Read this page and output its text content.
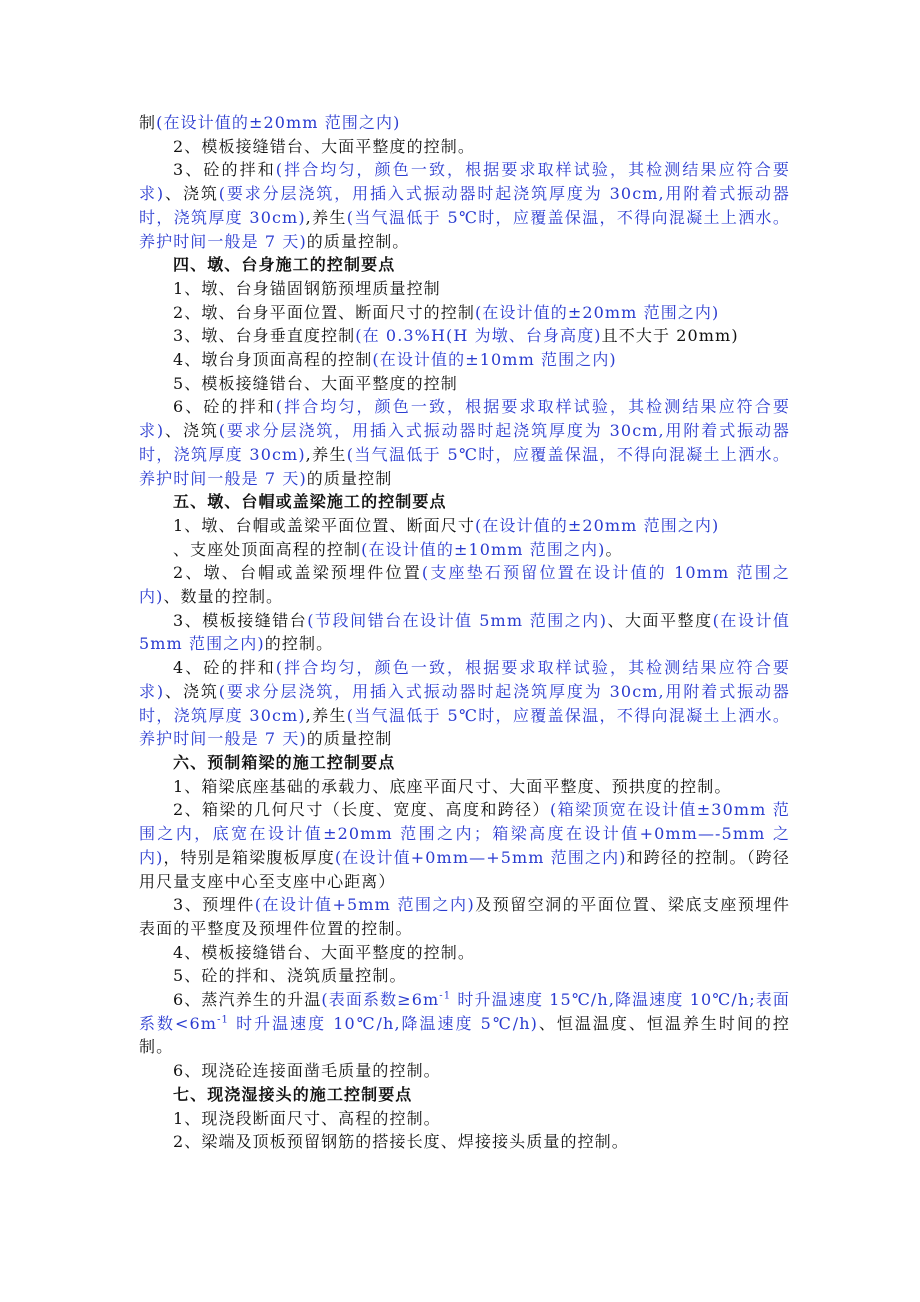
制(在设计值的±20mm 范围之内)

2、模板接缝错台、大面平整度的控制。

3、砼的拌和(拌合均匀，颜色一致，根据要求取样试验，其检测结果应符合要求)、浇筑(要求分层浇筑，用插入式振动器时起浇筑厚度为 30cm,用附着式振动器时，浇筑厚度 30cm),养生(当气温低于 5℃时，应覆盖保温，不得向混凝土上洒水。养护时间一般是 7 天)的质量控制。

四、墩、台身施工的控制要点

1、墩、台身锚固钢筋预埋质量控制

2、墩、台身平面位置、断面尺寸的控制(在设计值的±20mm 范围之内)

3、墩、台身垂直度控制(在 0.3%H(H 为墩、台身高度)且不大于 20mm)

4、墩台身顶面高程的控制(在设计值的±10mm 范围之内)

5、模板接缝错台、大面平整度的控制

6、砼的拌和(拌合均匀，颜色一致，根据要求取样试验，其检测结果应符合要求)、浇筑(要求分层浇筑，用插入式振动器时起浇筑厚度为 30cm,用附着式振动器时，浇筑厚度 30cm),养生(当气温低于 5℃时，应覆盖保温，不得向混凝土上洒水。养护时间一般是 7 天)的质量控制

五、墩、台帽或盖梁施工的控制要点

1、墩、台帽或盖梁平面位置、断面尺寸(在设计值的±20mm 范围之内)

、支座处顶面高程的控制(在设计值的±10mm 范围之内)。

2、墩、台帽或盖梁预埋件位置(支座垫石预留位置在设计值的 10mm 范围之内)、数量的控制。

3、模板接缝错台(节段间错台在设计值 5mm 范围之内)、大面平整度(在设计值 5mm 范围之内)的控制。

4、砼的拌和(拌合均匀，颜色一致，根据要求取样试验，其检测结果应符合要求)、浇筑(要求分层浇筑，用插入式振动器时起浇筑厚度为 30cm,用附着式振动器时，浇筑厚度 30cm),养生(当气温低于 5℃时，应覆盖保温，不得向混凝土上洒水。养护时间一般是 7 天)的质量控制

六、预制箱梁的施工控制要点

1、箱梁底座基础的承载力、底座平面尺寸、大面平整度、预拱度的控制。

2、箱梁的几何尺寸（长度、宽度、高度和跨径）(箱梁顶宽在设计值±30mm 范围之内，底宽在设计值±20mm 范围之内；箱梁高度在设计值+0mm—-5mm 之内)，特别是箱梁腹板厚度(在设计值+0mm—+5mm 范围之内)和跨径的控制。（跨径用尺量支座中心至支座中心距离）

3、预埋件(在设计值+5mm 范围之内)及预留空洞的平面位置、梁底支座预埋件表面的平整度及预埋件位置的控制。

4、模板接缝错台、大面平整度的控制。

5、砼的拌和、浇筑质量控制。

6、蒸汽养生的升温(表面系数$\ge 6m^{-1}$ 时升温速度 15℃/h,降温速度 10℃/h;表面系数$<6m^{-1}$ 时升温速度 10℃/h,降温速度 5℃/h)、恒温温度、恒温养生时间的控制。

6、现浇砼连接面凿毛质量的控制。

七、现浇湿接头的施工控制要点

1、现浇段断面尺寸、高程的控制。

2、梁端及顶板预留钢筋的搭接长度、焊接接头质量的控制。
